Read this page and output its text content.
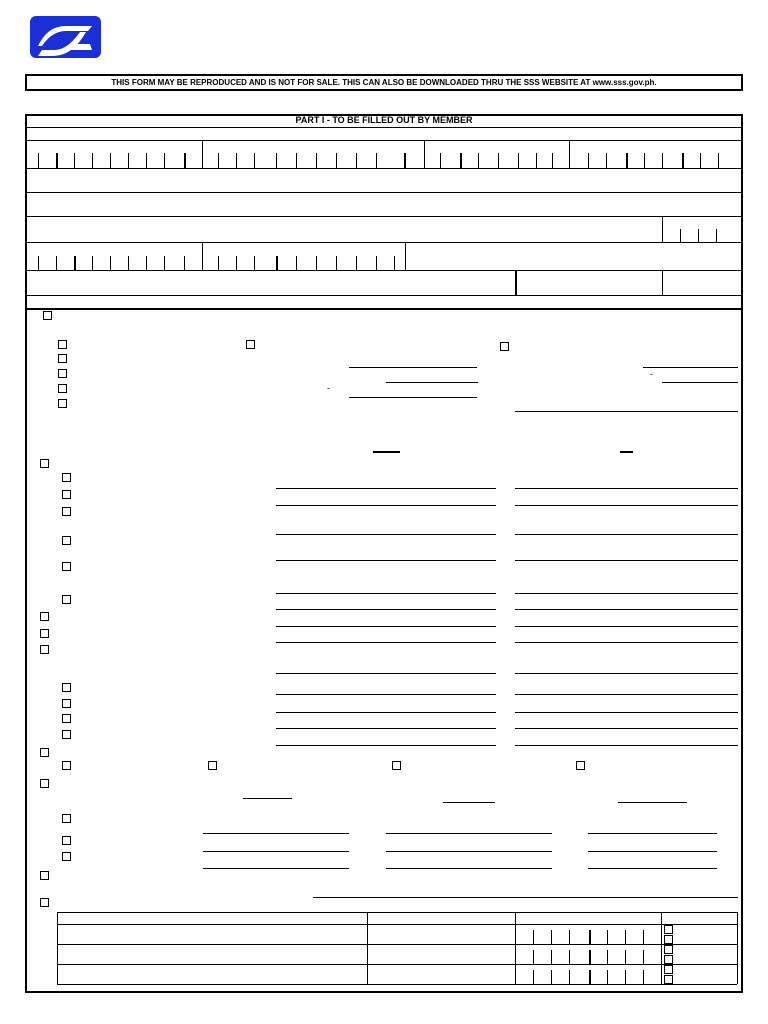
THIS FORM MAY BE REPRODUCED AND IS NOT FOR SALE. THIS CAN ALSO BE DOWNLOADED THRU THE SSS WEBSITE AT www.sss.gov.ph.
PART I - TO BE FILLED OUT BY MEMBER
-
-
